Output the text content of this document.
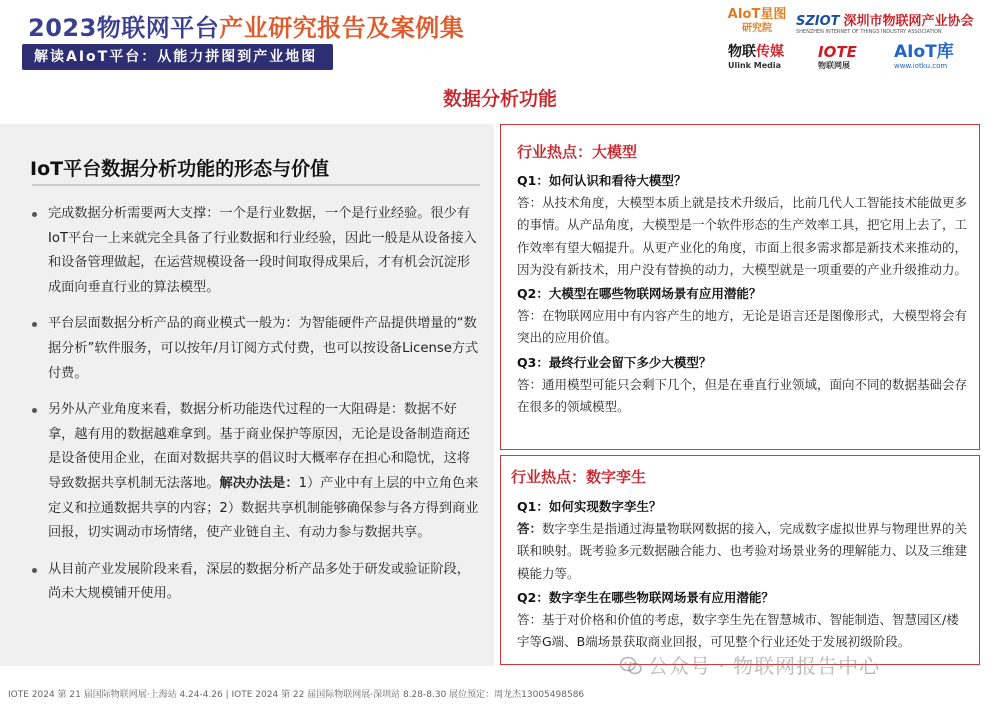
2023物联网平台产业研究报告及案例集
解读AIoT平台：从能力拼图到产业地图
AIoT星图
研究院	SZIOT 深圳市物联网产业协会
SHENZHEN INTERNET OF THINGS INDUSTRY ASSOCIATION
物联传媒
Ulink Media
IOTE
物联网展
AIoT库
www.iotku.com
数据分析功能
IoT平台数据分析功能的形态与价值
完成数据分析需要两大支撑：一个是行业数据，一个是行业经验。很少有IoT平台一上来就完全具备了行业数据和行业经验，因此一般是从设备接入和设备管理做起，在运营规模设备一段时间取得成果后，才有机会沉淀形成面向垂直行业的算法模型。
平台层面数据分析产品的商业模式一般为：为智能硬件产品提供增量的“数据分析”软件服务，可以按年/月订阅方式付费，也可以按设备License方式付费。
另外从产业角度来看，数据分析功能迭代过程的一大阻碍是：数据不好拿，越有用的数据越难拿到。基于商业保护等原因，无论是设备制造商还是设备使用企业，在面对数据共享的倡议时大概率存在担心和隐忧，这将导致数据共享机制无法落地。解决办法是：1）产业中有上层的中立角色来定义和拉通数据共享的内容；2）数据共享机制能够确保参与各方得到商业回报，切实调动市场情绪，使产业链自主、有动力参与数据共享。
从目前产业发展阶段来看，深层的数据分析产品多处于研发或验证阶段，尚未大规模铺开使用。
行业热点：大模型
Q1：如何认识和看待大模型？
答：从技术角度，大模型本质上就是技术升级后，比前几代人工智能技术能做更多的事情。从产品角度，大模型是一个软件形态的生产效率工具，把它用上去了，工作效率有望大幅提升。从更产业化的角度，市面上很多需求都是新技术来推动的，因为没有新技术，用户没有替换的动力，大模型就是一项重要的产业升级推动力。
Q2：大模型在哪些物联网场景有应用潜能？
答：在物联网应用中有内容产生的地方，无论是语言还是图像形式，大模型将会有突出的应用价值。
Q3：最终行业会留下多少大模型？
答：通用模型可能只会剩下几个，但是在垂直行业领域，面向不同的数据基础会存在很多的领域模型。
行业热点：数字孪生
Q1：如何实现数字孪生？
答：数字孪生是指通过海量物联网数据的接入，完成数字虚拟世界与物理世界的关联和映射。既考验多元数据融合能力、也考验对场景业务的理解能力、以及三维建模能力等。
Q2：数字孪生在哪些物联网场景有应用潜能？
答：基于对价格和价值的考虑，数字孪生先在智慧城市、智能制造、智慧园区/楼宇等G端、B端场景获取商业回报，可见整个行业还处于发展初级阶段。
公众号 · 物联网报告中心
IOTE 2024 第 21 届国际物联网展·上海站 4.24-4.26 | IOTE 2024 第 22 届国际物联网展·深圳站 8.28-8.30 展位预定：周龙杰13005498586
